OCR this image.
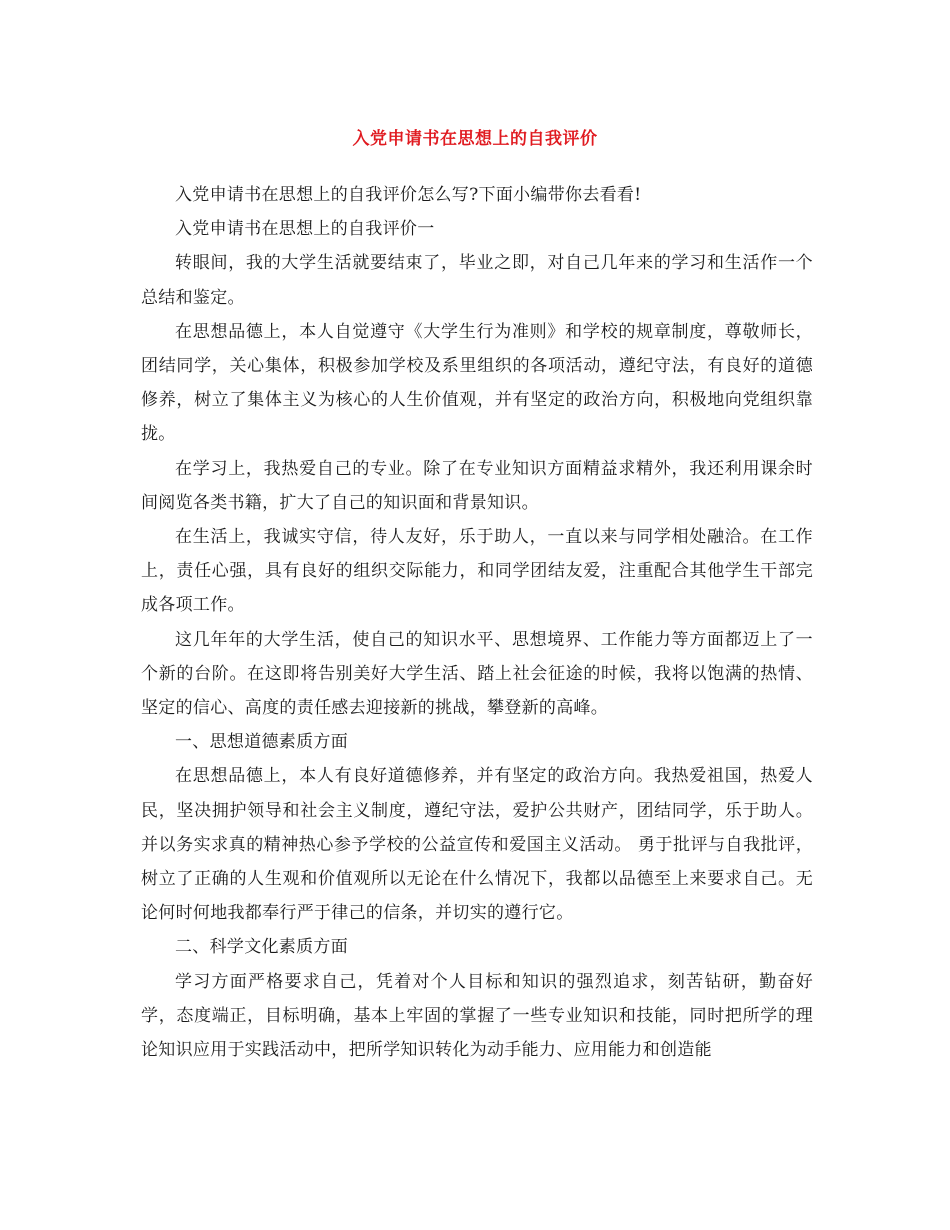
入党申请书在思想上的自我评价

入党申请书在思想上的自我评价怎么写?下面小编带你去看看!

入党申请书在思想上的自我评价一

转眼间，我的大学生活就要结束了，毕业之即，对自己几年来的学习和生活作一个总结和鉴定。

在思想品德上，本人自觉遵守《大学生行为准则》和学校的规章制度，尊敬师长，团结同学，关心集体，积极参加学校及系里组织的各项活动，遵纪守法，有良好的道德修养，树立了集体主义为核心的人生价值观，并有坚定的政治方向，积极地向党组织靠拢。

在学习上，我热爱自己的专业。除了在专业知识方面精益求精外，我还利用课余时间阅览各类书籍，扩大了自己的知识面和背景知识。

在生活上，我诚实守信，待人友好，乐于助人，一直以来与同学相处融洽。在工作上，责任心强，具有良好的组织交际能力，和同学团结友爱，注重配合其他学生干部完成各项工作。

这几年年的大学生活，使自己的知识水平、思想境界、工作能力等方面都迈上了一个新的台阶。在这即将告别美好大学生活、踏上社会征途的时候，我将以饱满的热情、坚定的信心、高度的责任感去迎接新的挑战，攀登新的高峰。

一、思想道德素质方面

在思想品德上，本人有良好道德修养，并有坚定的政治方向。我热爱祖国，热爱人民，坚决拥护领导和社会主义制度，遵纪守法，爱护公共财产，团结同学，乐于助人。并以务实求真的精神热心参予学校的公益宣传和爱国主义活动。 勇于批评与自我批评，树立了正确的人生观和价值观所以无论在什么情况下，我都以品德至上来要求自己。无论何时何地我都奉行严于律己的信条，并切实的遵行它。

二、科学文化素质方面

学习方面严格要求自己，凭着对个人目标和知识的强烈追求，刻苦钻研，勤奋好学，态度端正，目标明确，基本上牢固的掌握了一些专业知识和技能，同时把所学的理论知识应用于实践活动中，把所学知识转化为动手能力、应用能力和创造能
